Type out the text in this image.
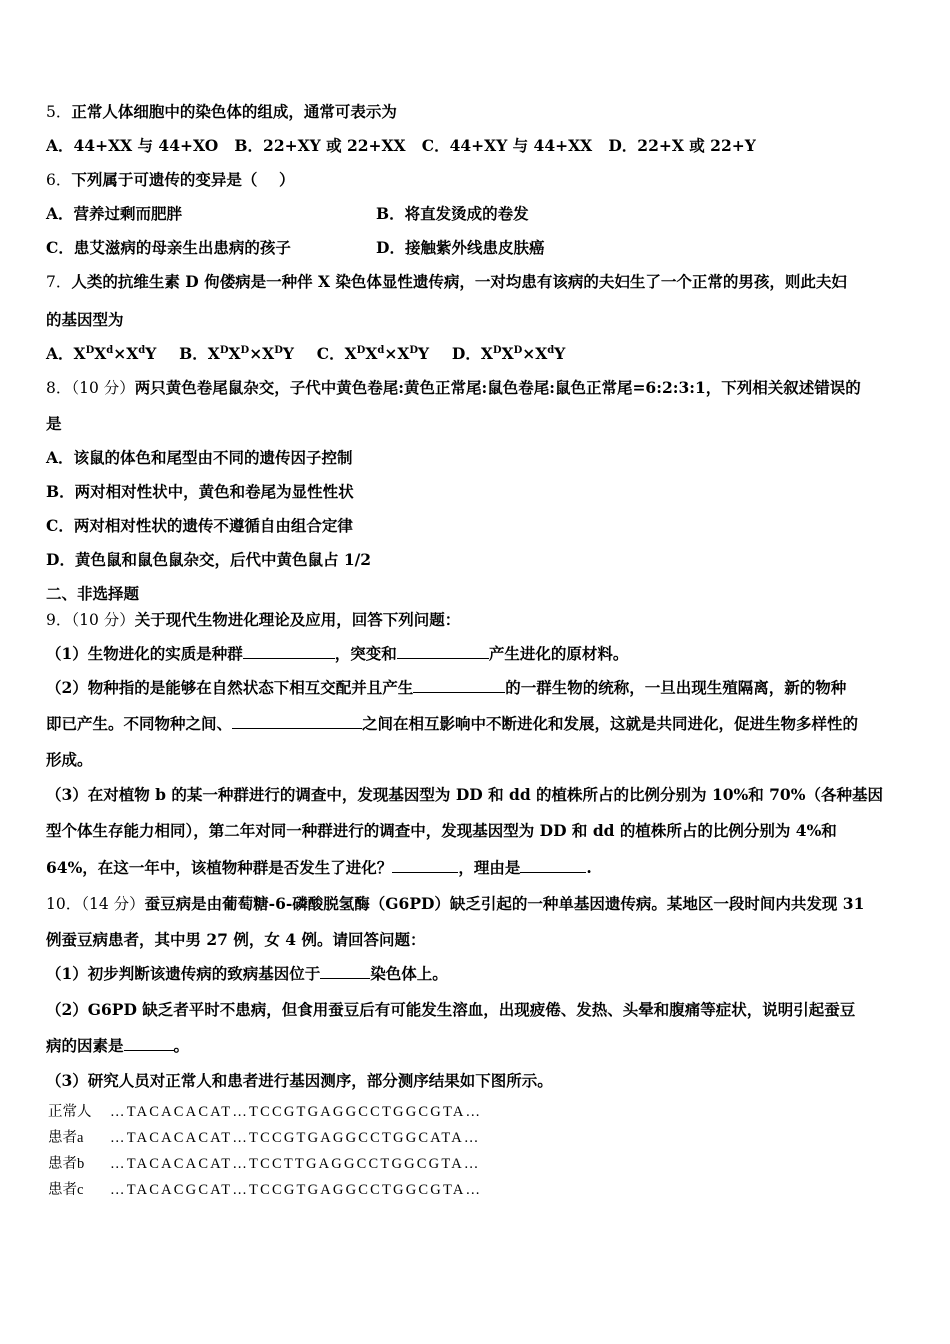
5．正常人体细胞中的染色体的组成，通常可表示为
A．44+XX 与 44+XO   B．22+XY 或 22+XX   C．44+XY 与 44+XX   D．22+X 或 22+Y
6．下列属于可遗传的变异是（    ）
A．营养过剩而肥胖	B．将直发烫成的卷发
C．患艾滋病的母亲生出患病的孩子	D．接触紫外线患皮肤癌
7．人类的抗维生素 D 佝偻病是一种伴 X 染色体显性遗传病，一对均患有该病的夫妇生了一个正常的男孩，则此夫妇
的基因型为
A．$X^DX^d\times X^dY$ B．$X^DX^D\times X^DY$ C．$X^DX^d\times X^DY$ D．$X^DX^D\times X^dY$
8．（10 分）两只黄色卷尾鼠杂交，子代中黄色卷尾:黄色正常尾:鼠色卷尾:鼠色正常尾=6:2:3:1，下列相关叙述错误的
是
A．该鼠的体色和尾型由不同的遗传因子控制
B．两对相对性状中，黄色和卷尾为显性性状
C．两对相对性状的遗传不遵循自由组合定律
D．黄色鼠和鼠色鼠杂交，后代中黄色鼠占 1/2
二、非选择题
9．（10 分）关于现代生物进化理论及应用，回答下列问题：
（1）生物进化的实质是种群	，突变和	产生进化的原材料。
（2）物种指的是能够在自然状态下相互交配并且产生	的一群生物的统称，一旦出现生殖隔离，新的物种
即已产生。不同物种之间、	之间在相互影响中不断进化和发展，这就是共同进化，促进生物多样性的
形成。
（3）在对植物 b 的某一种群进行的调查中，发现基因型为 DD 和 dd 的植株所占的比例分别为 10%和 70%（各种基因
型个体生存能力相同），第二年对同一种群进行的调查中，发现基因型为 DD 和 dd 的植株所占的比例分别为 4%和
64%，在这一年中，该植物种群是否发生了进化？	，理由是	.
10．（14 分）蚕豆病是由葡萄糖-6-磷酸脱氢酶（G6PD）缺乏引起的一种单基因遗传病。某地区一段时间内共发现 31
例蚕豆病患者，其中男 27 例，女 4 例。请回答问题：
（1）初步判断该遗传病的致病基因位于	染色体上。
（2）G6PD 缺乏者平时不患病，但食用蚕豆后有可能发生溶血，出现疲倦、发热、头晕和腹痛等症状，说明引起蚕豆
病的因素是	。
（3）研究人员对正常人和患者进行基因测序，部分测序结果如下图所示。
正常人 …TACACACAT…TCCGTGAGGCCTGGCGTA…
患者a …TACACACAT…TCCGTGAGGCCTGGCATA…
患者b …TACACACAT…TCCTTGAGGCCTGGCGTA…
患者c …TACACGCAT…TCCGTGAGGCCTGGCGTA…
